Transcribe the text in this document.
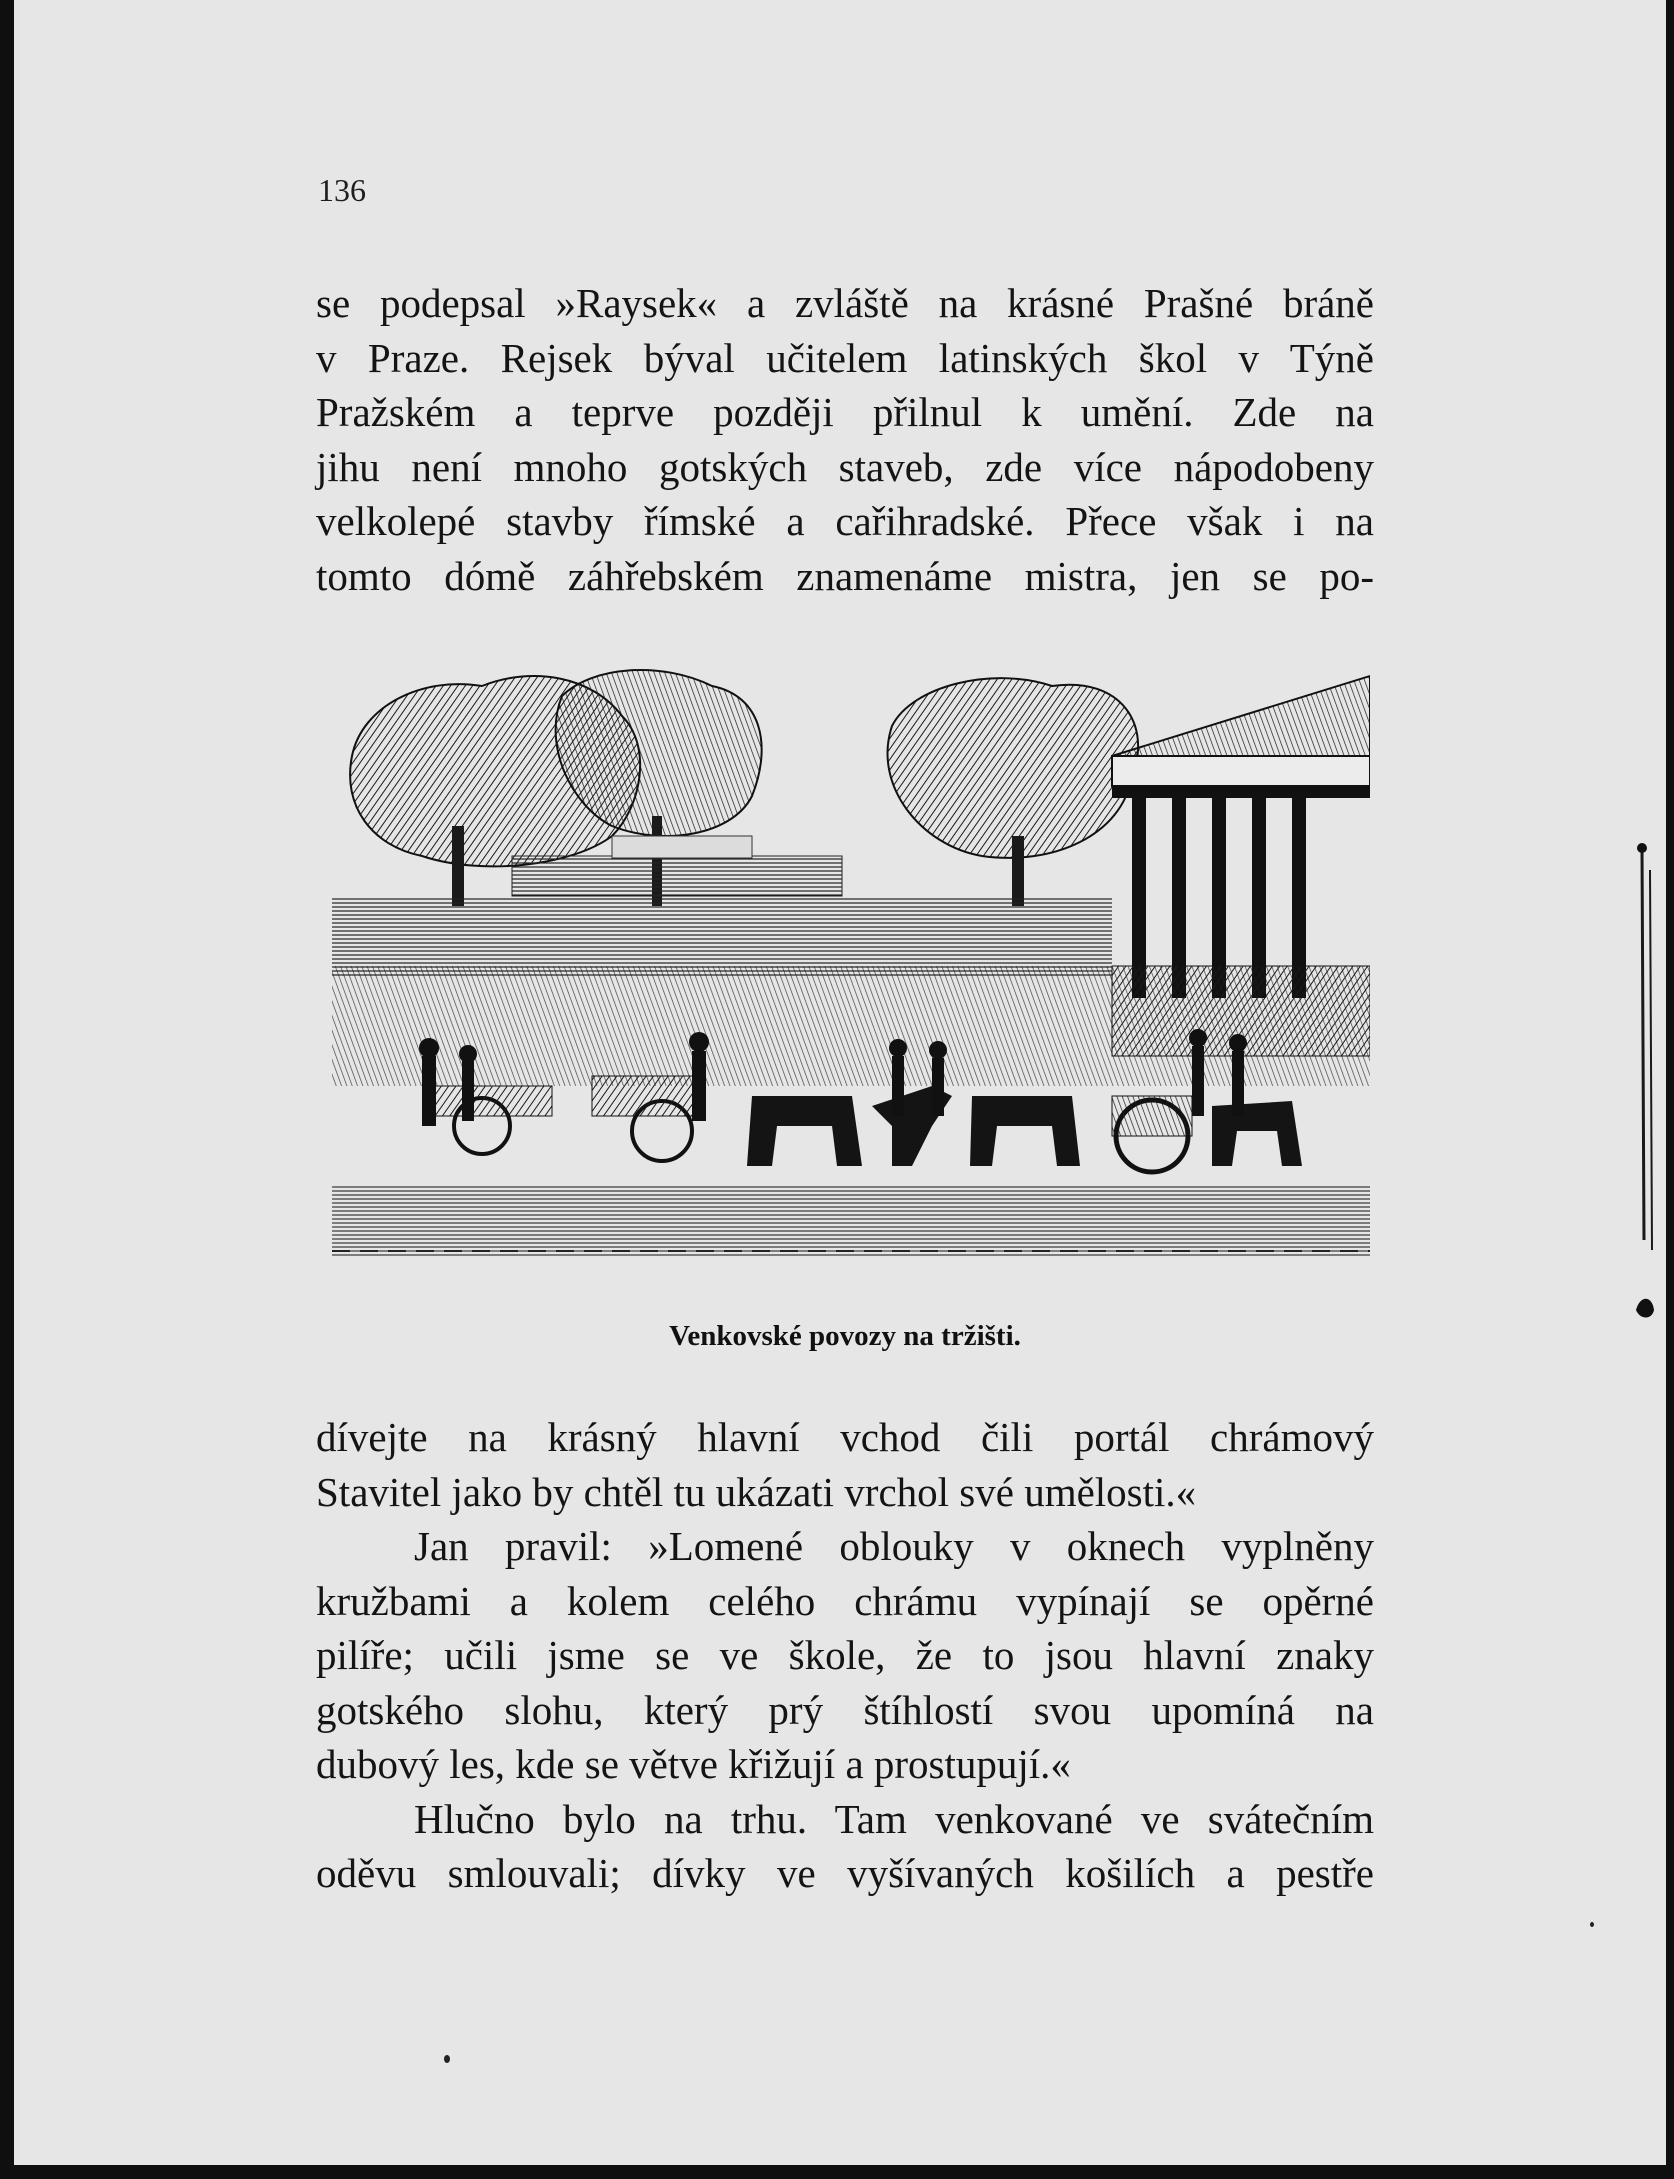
136
se podepsal »Raysek« a zvláště na krásné Prašné bráně
v Praze. Rejsek býval učitelem latinských škol v Týně
Pražském a teprve později přilnul k umění. Zde na
jihu není mnoho gotských staveb, zde více nápodobeny
velkolepé stavby římské a cařihradské. Přece však i na
tomto dómě záhřebském znamenáme mistra, jen se po-
Venkovské povozy na tržišti.
dívejte na krásný hlavní vchod čili portál chrámový
Stavitel jako by chtěl tu ukázati vrchol své umělosti.«
Jan pravil: »Lomené oblouky v oknech vyplněny
kružbami a kolem celého chrámu vypínají se opěrné
pilíře; učili jsme se ve škole, že to jsou hlavní znaky
gotského slohu, který prý štíhlostí svou upomíná na
dubový les, kde se větve křižují a prostupují.«
Hlučno bylo na trhu. Tam venkované ve svátečním
oděvu smlouvali; dívky ve vyšívaných košilích a pestře
